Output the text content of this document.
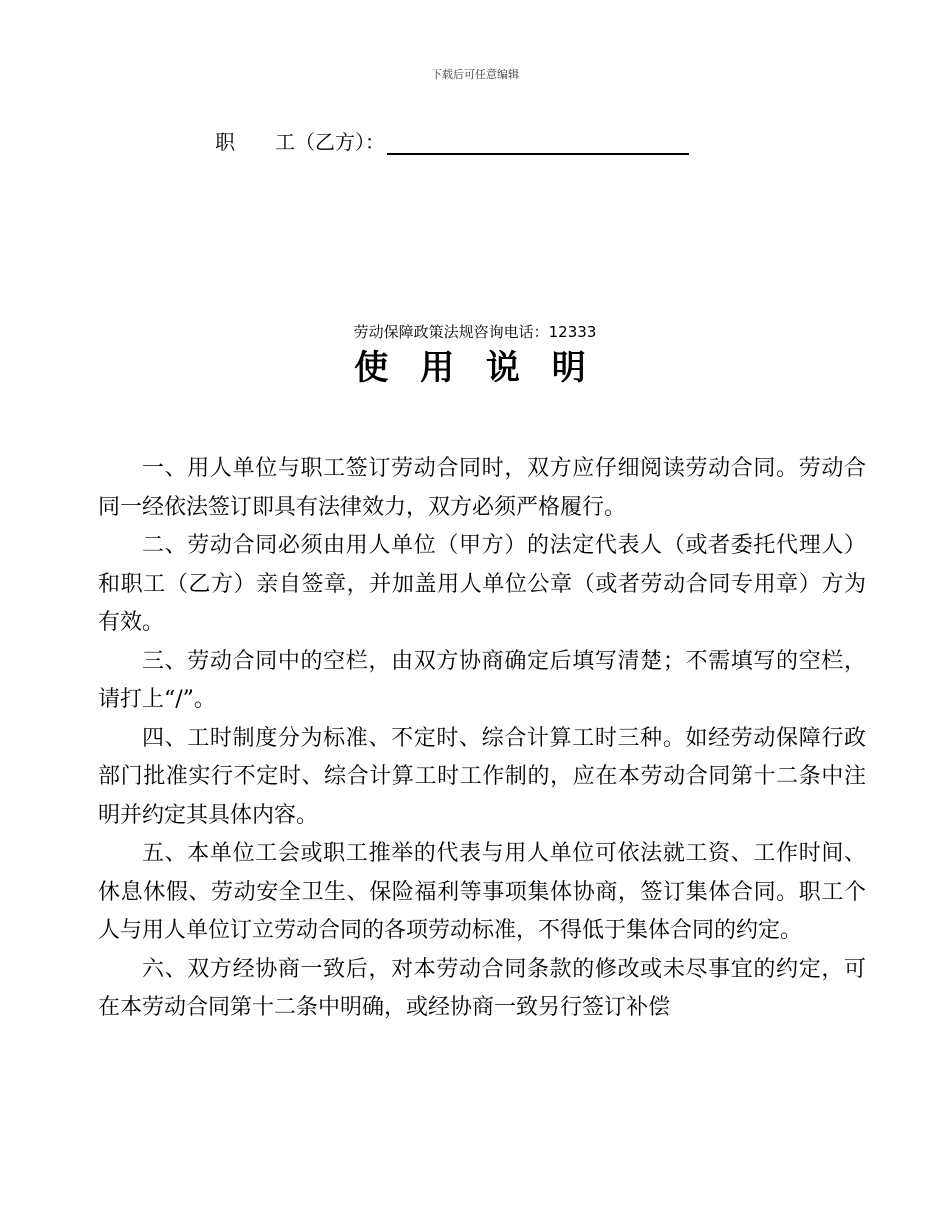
下载后可任意编辑
职　　工（乙方）：
劳动保障政策法规咨询电话：12333
使 用 说 明

一、用人单位与职工签订劳动合同时，双方应仔细阅读劳动合同。劳动合同一经依法签订即具有法律效力，双方必须严格履行。

二、劳动合同必须由用人单位（甲方）的法定代表人（或者委托代理人）和职工（乙方）亲自签章，并加盖用人单位公章（或者劳动合同专用章）方为有效。

三、劳动合同中的空栏，由双方协商确定后填写清楚；不需填写的空栏，请打上“/”。

四、工时制度分为标准、不定时、综合计算工时三种。如经劳动保障行政部门批准实行不定时、综合计算工时工作制的，应在本劳动合同第十二条中注明并约定其具体内容。

五、本单位工会或职工推举的代表与用人单位可依法就工资、工作时间、休息休假、劳动安全卫生、保险福利等事项集体协商，签订集体合同。职工个人与用人单位订立劳动合同的各项劳动标准，不得低于集体合同的约定。

六、双方经协商一致后，对本劳动合同条款的修改或未尽事宜的约定，可在本劳动合同第十二条中明确，或经协商一致另行签订补偿
